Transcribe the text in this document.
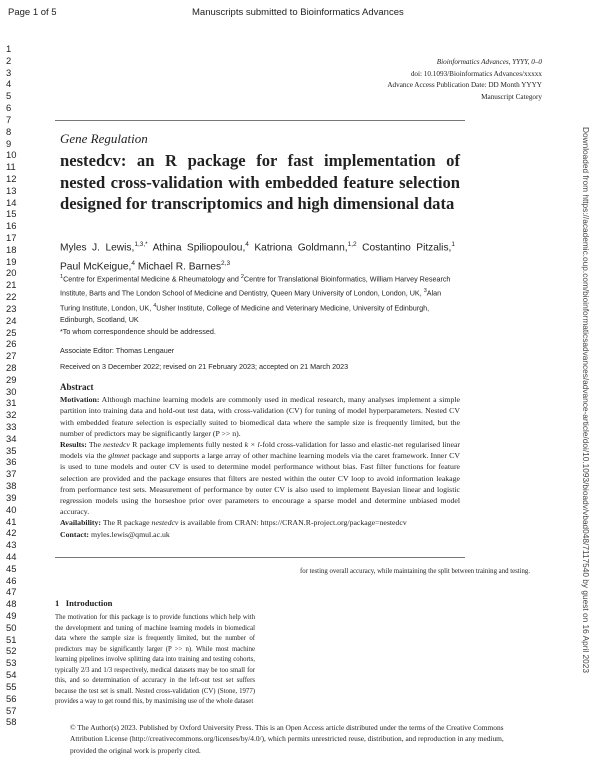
Page 1 of 5	Manuscripts submitted to Bioinformatics Advances
1
2
3
4
5
6
7
8
9
10
11
12
13
14
15
16
17
18
19
20
21
22
23
24
25
26
27
28
29
30
31
32
33
34
35
36
37
38
39
40
41
42
43
44
45
46
47
48
49
50
51
52
53
54
55
56
57
58
Bioinformatics Advances, YYYY, 0–0
doi: 10.1093/Bioinformatics Advances/xxxxx
Advance Access Publication Date: DD Month YYYY
Manuscript Category
Gene Regulation
nestedcv: an R package for fast implementation of nested cross-validation with embedded feature selection designed for transcriptomics and high dimensional data
Myles J. Lewis,$^{1,3,*}$ Athina Spiliopoulou,$^4$ Katriona Goldmann,$^{1,2}$ Costantino Pitzalis,$^1$ Paul McKeigue,$^4$ Michael R. Barnes$^{2,3}$
$^1$Centre for Experimental Medicine & Rheumatology and $^2$Centre for Translational Bioinformatics, William Harvey Research Institute, Barts and The London School of Medicine and Dentistry, Queen Mary University of London, London, UK, $^3$Alan Turing Institute, London, UK, $^4$Usher Institute, College of Medicine and Veterinary Medicine, University of Edinburgh, Edinburgh, Scotland, UK
*To whom correspondence should be addressed.
Associate Editor: Thomas Lengauer
Received on 3 December 2022; revised on 21 February 2023; accepted on 21 March 2023
Abstract

Motivation: Although machine learning models are commonly used in medical research, many analyses implement a simple partition into training data and hold-out test data, with cross-validation (CV) for tuning of model hyperparameters. Nested CV with embedded feature selection is especially suited to biomedical data where the sample size is frequently limited, but the number of predictors may be significantly larger (P >> n).

Results: The nestedcv R package implements fully nested k × l-fold cross-validation for lasso and elastic-net regularised linear models via the glmnet package and supports a large array of other machine learning models via the caret framework. Inner CV is used to tune models and outer CV is used to determine model performance without bias. Fast filter functions for feature selection are provided and the package ensures that filters are nested within the outer CV loop to avoid information leakage from performance test sets. Measurement of performance by outer CV is also used to implement Bayesian linear and logistic regression models using the horseshoe prior over parameters to encourage a sparse model and determine unbiased model accuracy.

Availability: The R package nestedcv is available from CRAN: https://CRAN.R-project.org/package=nestedcv

Contact: myles.lewis@qmul.ac.uk

1 Introduction
The motivation for this package is to provide functions which help with the development and tuning of machine learning models in biomedical data where the sample size is frequently limited, but the number of predictors may be significantly larger (P >> n). While most machine learning pipelines involve splitting data into training and testing cohorts, typically 2/3 and 1/3 respectively, medical datasets may be too small for this, and so determination of accuracy in the left-out test set suffers because the test set is small. Nested cross-validation (CV) (Stone, 1977) provides a way to get round this, by maximising use of the whole dataset
for testing overall accuracy, while maintaining the split between training and testing.
© The Author(s) 2023. Published by Oxford University Press. This is an Open Access article distributed under the terms of the Creative Commons Attribution License (http://creativecommons.org/licenses/by/4.0/), which permits unrestricted reuse, distribution, and reproduction in any medium, provided the original work is properly cited.
Downloaded from https://academic.oup.com/bioinformaticsadvances/advance-article/doi/10.1093/bioadv/vbad048/7117540 by guest on 16 April 2023
